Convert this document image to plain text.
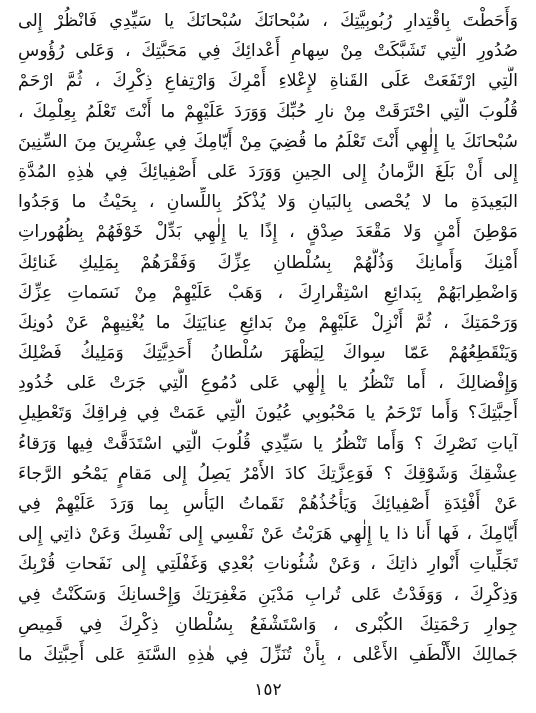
وَأَحَطْتَ بِاقْتِدارِ رُبُوبِيَّتِكَ ، سُبْحانَكَ سُبْحانَكَ يا سَيِّدِي فَانْظُرْ إِلى
صُدُورِ الَّتِي تَشَبَّكَتْ مِنْ سِهامِ أَعْدائِكَ فِي مَحَبَّتِكَ ، وَعَلى رُؤُوسِ
الَّتِي ارْتَفَعَتْ عَلَى القَناةِ لإِعْلاءِ أَمْرِكَ وَارْتِفاعِ ذِكْرِكَ ، ثُمَّ ارْحَمْ
قُلُوبَ الَّتِي احْتَرَقَتْ مِنْ نارِ حُبِّكَ وَوَرَدَ عَلَيْهِمْ ما أَنْتَ تَعْلَمُ بِعِلْمِكَ ،
سُبْحانَكَ يا إِلٰهِي أَنْتَ تَعْلَمُ ما قُضِيَ مِنْ أَيّامِكَ فِي عِشْرِينَ مِنَ السِّنِينَ
إِلى أَنْ بَلَغَ الزَّمانُ إِلى الحِينِ وَوَرَدَ عَلى أَصْفِيائِكَ فِي هٰذِهِ المُدَّةِ
البَعِيدَةِ ما لا يُحْصى بِالبَيانِ وَلا يُذْكَرُ بِاللِّسانِ ، بِحَيْثُ ما وَجَدُوا
مَوْطِنَ أَمْنٍ وَلا مَقْعَدَ صِدْقٍ ، إِذًا يا إِلٰهِي بَدِّلْ خَوْفَهُمْ بِظُهُوراتِ
أَمْنِكَ وَأَمانِكَ وَذُلَّهُمْ بِسُلْطانِ عِزِّكَ وَفَقْرَهُمْ بِمَلِيكِ غَنائِكَ
وَاضْطِرابَهُمْ بِبَدائِعِ اسْتِقْرارِكَ ، وَهَبْ عَلَيْهِمْ مِنْ نَسَماتِ عِزِّكَ
وَرَحْمَتِكَ ، ثُمَّ أَنْزِلْ عَلَيْهِمْ مِنْ بَدائِعِ عِنايَتِكَ ما يُغْنِيهِمْ عَنْ دُونِكَ
وَيَنْقَطِعُهُمْ عَمّا سِواكَ لِيَظْهَرَ سُلْطانُ أَحَدِيَّتِكَ وَمَلِيكُ فَضْلِكَ
وَإِفْضالِكَ ، أَما تَنْظُرُ يا إِلٰهِي عَلى دُمُوعِ الَّتِي جَرَتْ عَلى خُدُودِ
أَحِبَّتِكَ؟ وَأَما تَرْحَمُ يا مَحْبُوبِي عُيُونَ الَّتِي عَمَتْ فِي فِراقِكَ وَتَعْطِيلِ
آياتِ نَصْرِكَ ؟ وَأَما تَنْظُرُ يا سَيِّدِي قُلُوبَ الَّتِي اسْتَدَقَّتْ فِيها وَرَقاءُ
عِشْقِكَ وَشَوْقِكَ ؟ فَوَعِزَّتِكَ كادَ الأَمْرُ يَصِلُ إِلى مَقامٍ يَمْحُو الرَّجاءَ
عَنْ أَفْئِدَةِ أَصْفِيائِكَ وَيَأْخُذُهُمْ نَقَماتُ اليَأْسِ بِما وَرَدَ عَلَيْهِمْ فِي
أَيّامِكَ ، فَها أَنا ذا يا إِلٰهِي هَرَبْتُ عَنْ نَفْسِي إِلى نَفْسِكَ وَعَنْ ذاتِي إِلى
تَجَلِّياتِ أَنْوارِ ذاتِكَ ، وَعَنْ شُئُوناتِ بُعْدِي وَغَفْلَتِي إِلى نَفَحاتِ قُرْبِكَ
وَذِكْرِكَ ، وَوَفَدْتُ عَلى تُرابِ مَدْيَنِ مَغْفِرَتِكَ وَإِحْسانِكَ وَسَكَنْتُ فِي
جِوارِ رَحْمَتِكَ الكُبْرى ، وَاسْتَشْفَعُ بِسُلْطانِ ذِكْرِكَ فِي قَمِيصِ
جَمالِكَ الأَلْطَفِ الأَعْلى ، بِأَنْ تُنَزِّلَ فِي هٰذِهِ السَّنَةِ عَلى أَحِبَّتِكَ ما
١٥٢
